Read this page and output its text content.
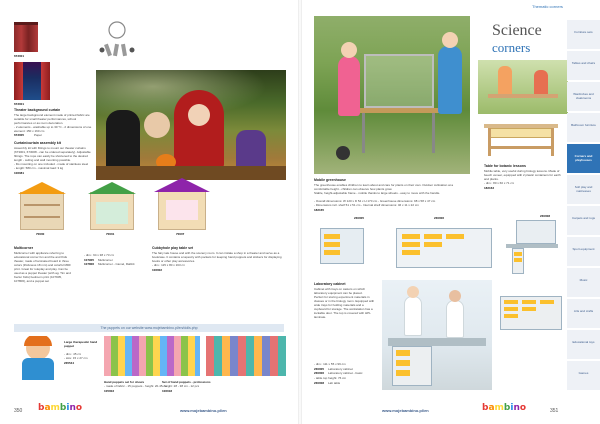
673001
673001
Theater background curtain
The large background element made of printed fabric are suitable for small theater performances, school performances or as room decoration.
- 2 elements - washable up to 30 °C - 2 dimensions of one element: 150 x 160 cm
673005	Paper
Curtain/curtain assembly kit
Assembly kit with fittings to mount our theater curtains (673001, 673008 - can be ordered separately). Adjustable fittings. The rope can easily be shortened to the desired length - ceiling and wall mounting possible.
- fits mounting on one included - made of stainless steel
- length: 580 cm - maximal load: 3 kg
106081
70000	70001	70007
Multicorner
Multicorner with appliance referring to educational corner fun and the and Kids theater, made of laminated board in three colors (thickness 18 mm) and colorful MDF print. Great for roleplay and play. Can be used as a puppet theater (with ag. Tim and Kertur Kids) bedroom print (107905, 107806), and a puppet set
- dim.: 94 x 38 x 73 cm
107905 Multicorner
107806 Multicorner - Camel, Rabbit
Cubbyhole play table set
The fairy tale house and with the scenery room. It can imitate a shop in a theater and serve as a bookcase. It contains a tapestry with pockets for keeping hand puppets and stickers for displaying books or other play accessories.
- dim.: 115 x 80 x 163 cm
106002
The puppets on our website www.mojebambino.pl/en/dolls.php
Large therapeutic hand puppet
- dim.: 45 cm
- size: 15 x 27 cm
235544
Hand puppets set for shows
- made of fabric - 15 puppets - height: 20-45 cm
105003
Set of hand puppets - professions
- height: 28 - 38 cm - 12 pcs
106018
350 bambino	www.mojebambino.pl/en
Thematic corners
Science
corners
Mobile greenhouse
The greenhouse enables children to learn about and care for plants on their own. Outdoor cultivation at a comfortable height - children can observe how plants grow.
Stable, height-adjustable frame - mobile thanks to large wheels - easy to move with the handle.
- Overall dimensions: W 120 x D 54 x H 170 cm - Greenhouse dimensions: 98 x 58 x 47 cm
- Dimensions incl. shelf 51 x 51 cm - Internal shelf dimensions: 46 x 11 x 22 cm
182165
Table for botanic lessons
Mobile table, very useful during biology lessons. Made of beech veneer, equipped with 2 plastic containers for earth and plants.
- dim.: 80 x 60 x 71 cm
182163
230005	230006	230008
Laboratory cabinet
Cabinet with trays on castors on which laboratory equipment can be placed.
Perfect for storing experiment materials in classes or in the biology room. Equipped with wide trays for holding materials and a cupboard for storage. The workstation has a lockable door. The top is covered with HPL laminate.
- dim.: 111 x 55 x 99 cm
230005 Laboratory cabinet
230006 Laboratory cabinet - basic
- table top height: 76 cm
230008 Lab table
www.mojebambino.pl/en	bambino	351
Furniture sets
Tables and chairs
Wardrobes and cloakrooms
Bathroom furniture
Corners and playhouses
Soft play and mattresses
Carpets and rugs
Sport equipment
Music
Arts and crafts
Educational toys
Games
